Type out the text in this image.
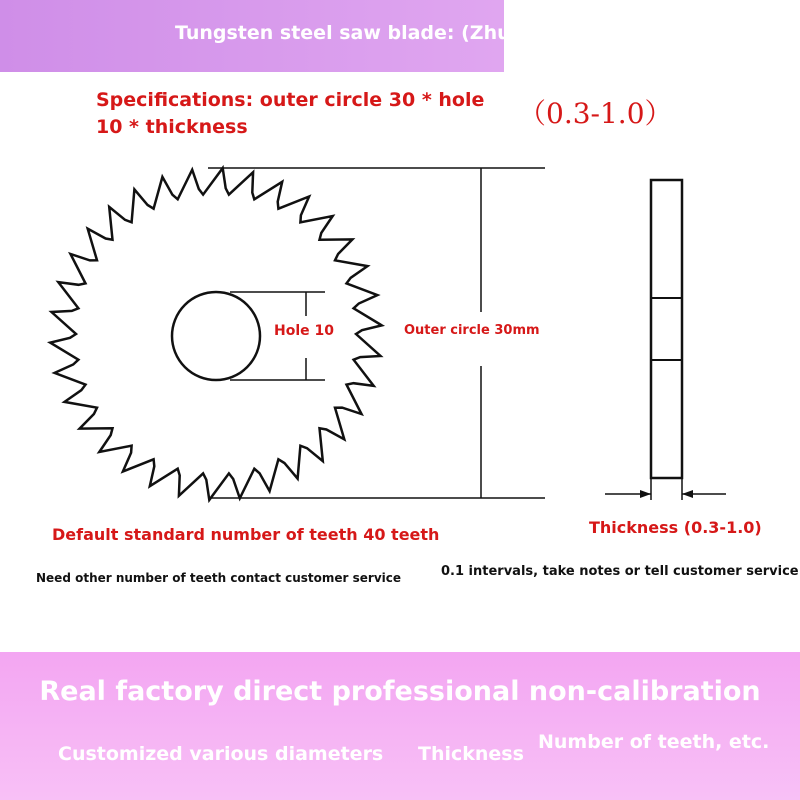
Tungsten steel saw blade: (Zhuzhou YW2)
Specifications: outer circle 30 * hole
10 * thickness	（0.3-1.0）
Hole 10	Outer circle 30mm
Default standard number of teeth 40 teeth	Thickness (0.3-1.0)
Need other number of teeth contact customer service	0.1 intervals, take notes or tell customer service
Real factory direct professional non-calibration
Customized various diameters Thickness
Number of teeth, etc.
